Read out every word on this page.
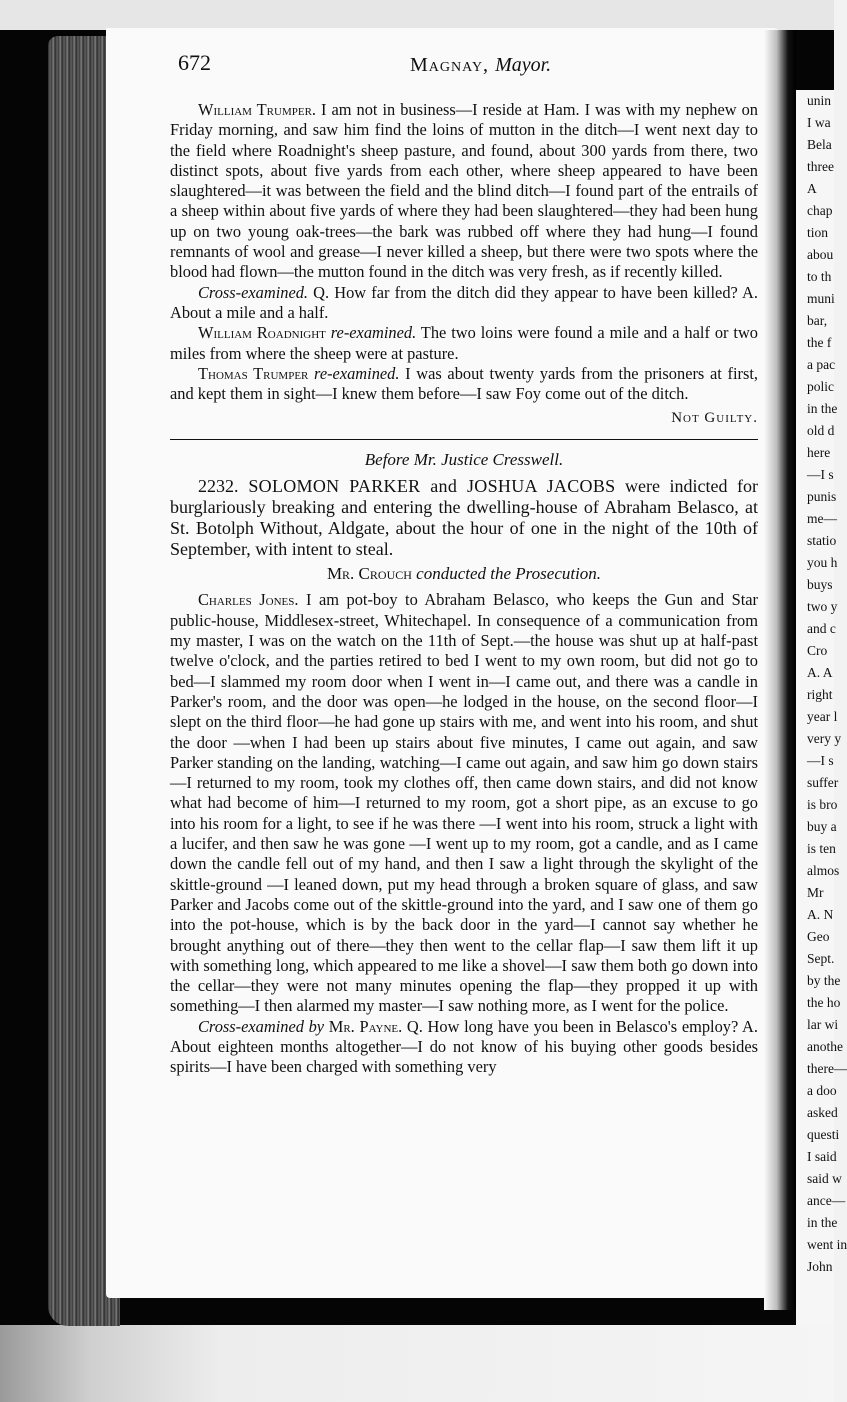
unin
I wa
Bela
three
A
chap
tion
abou
to th
muni
bar,
the f
a pac
polic
in the
old d
here
—I s
punis
me—
statio
you h
buys
two y
and c
Cro
A. A
right
year l
very y
—I s
suffer
is bro
buy a
is ten
almos
Mr
A. N
Geo
Sept.
by the
the ho
lar wi
anothe
there—
a doo
asked
questi
I said
said w
ance—
in the
went in
John
672	Magnay, Mayor.

William Trumper. I am not in business—I reside at Ham. I was with my nephew on Friday morning, and saw him find the loins of mutton in the ditch—I went next day to the field where Roadnight's sheep pasture, and found, about 300 yards from there, two distinct spots, about five yards from each other, where sheep appeared to have been slaughtered—it was between the field and the blind ditch—I found part of the entrails of a sheep within about five yards of where they had been slaughtered—they had been hung up on two young oak-trees—the bark was rubbed off where they had hung—I found remnants of wool and grease—I never killed a sheep, but there were two spots where the blood had flown—the mutton found in the ditch was very fresh, as if recently killed.

Cross-examined. Q. How far from the ditch did they appear to have been killed? A. About a mile and a half.

William Roadnight re-examined. The two loins were found a mile and a half or two miles from where the sheep were at pasture.

Thomas Trumper re-examined. I was about twenty yards from the prisoners at first, and kept them in sight—I knew them before—I saw Foy come out of the ditch.

Not Guilty.
Before Mr. Justice Cresswell.

2232. SOLOMON PARKER and JOSHUA JACOBS were indicted for burglariously breaking and entering the dwelling-house of Abraham Belasco, at St. Botolph Without, Aldgate, about the hour of one in the night of the 10th of September, with intent to steal.

Mr. Crouch conducted the Prosecution.

Charles Jones. I am pot-boy to Abraham Belasco, who keeps the Gun and Star public-house, Middlesex-street, Whitechapel. In consequence of a communication from my master, I was on the watch on the 11th of Sept.—the house was shut up at half-past twelve o'clock, and the parties retired to bed I went to my own room, but did not go to bed—I slammed my room door when I went in—I came out, and there was a candle in Parker's room, and the door was open—he lodged in the house, on the second floor—I slept on the third floor—he had gone up stairs with me, and went into his room, and shut the door —when I had been up stairs about five minutes, I came out again, and saw Parker standing on the landing, watching—I came out again, and saw him go down stairs—I returned to my room, took my clothes off, then came down stairs, and did not know what had become of him—I returned to my room, got a short pipe, as an excuse to go into his room for a light, to see if he was there —I went into his room, struck a light with a lucifer, and then saw he was gone —I went up to my room, got a candle, and as I came down the candle fell out of my hand, and then I saw a light through the skylight of the skittle-ground —I leaned down, put my head through a broken square of glass, and saw Parker and Jacobs come out of the skittle-ground into the yard, and I saw one of them go into the pot-house, which is by the back door in the yard—I cannot say whether he brought anything out of there—they then went to the cellar flap—I saw them lift it up with something long, which appeared to me like a shovel—I saw them both go down into the cellar—they were not many minutes opening the flap—they propped it up with something—I then alarmed my master—I saw nothing more, as I went for the police.

Cross-examined by Mr. Payne. Q. How long have you been in Belasco's employ? A. About eighteen months altogether—I do not know of his buying other goods besides spirits—I have been charged with something very
